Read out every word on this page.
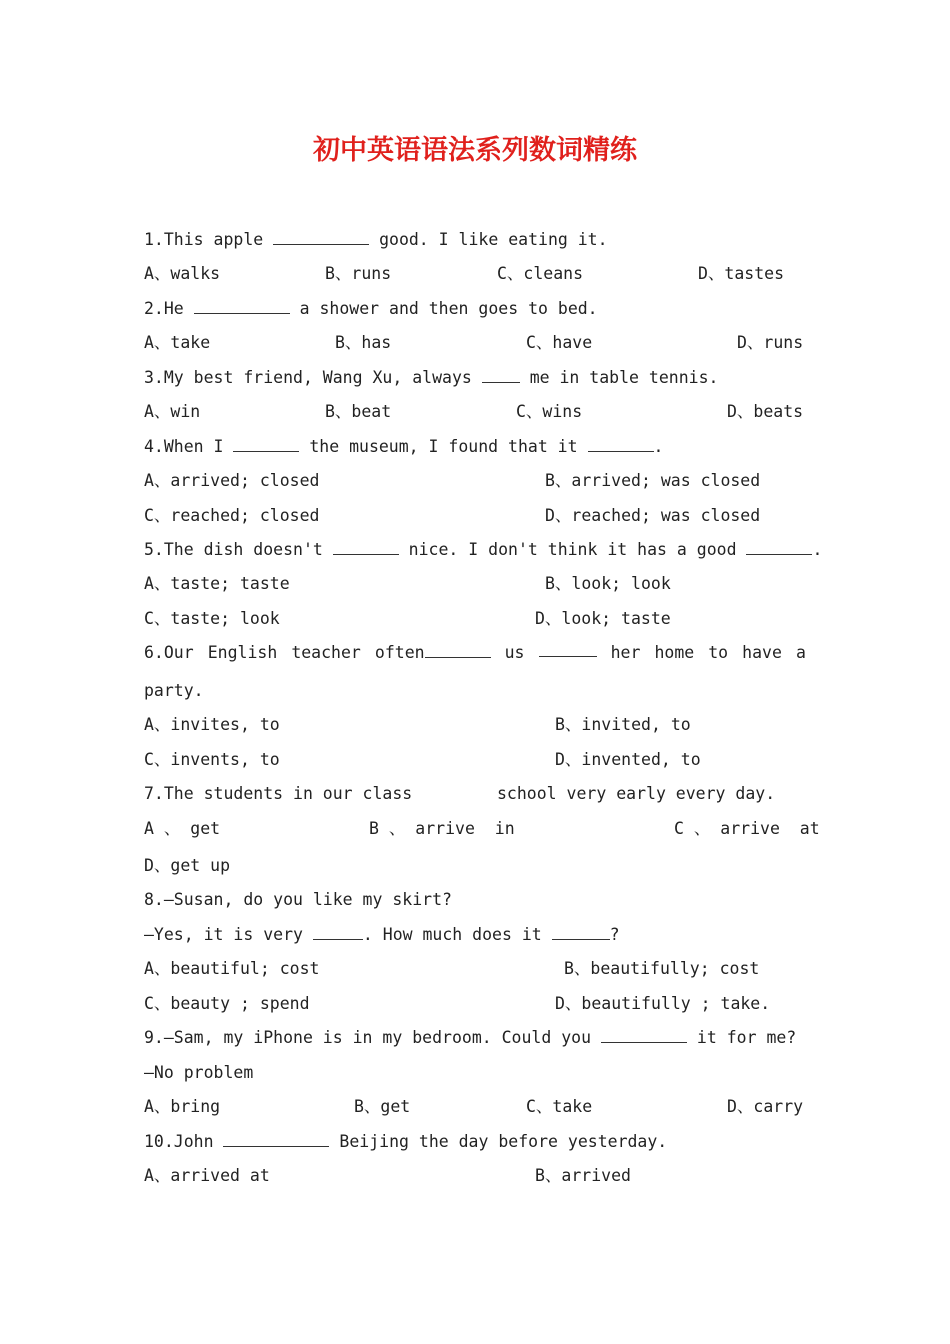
初中英语语法系列数词精练
1.This apple	good. I like eating it.
A、walks	B、runs	C、cleans	D、tastes
2.He	a shower and then goes to bed.
A、take	B、has	C、have	D、runs
3.My best friend, Wang Xu, always  me in table tennis.
A、win	B、beat	C、wins	D、beats
4.When I	the museum, I found that it	.
A、arrived; closed	B、arrived; was closed
C、reached; closed	D、reached; was closed
5.The dish doesn't	nice. I don't think it has a good	.
A、taste; taste	B、look; look
C、taste; look	D、look; taste
6.Our English teacher often	us	her home to have a
party.
A、invites, to	B、invited, to
C、invents, to	D、invented, to
7.The students in our class	school very early every day.
A 、 get	B 、 arrive  in	C 、 arrive  at
D、get up
8.—Susan, do you like my skirt?
—Yes, it is very	. How much does it	?
A、beautiful; cost	B、beautifully; cost
C、beauty ; spend	D、beautifully ; take.
9.—Sam, my iPhone is in my bedroom. Could you	it for me?
—No problem
A、bring	B、get	C、take	D、carry
10.John	Beijing the day before yesterday.
A、arrived at	B、arrived
